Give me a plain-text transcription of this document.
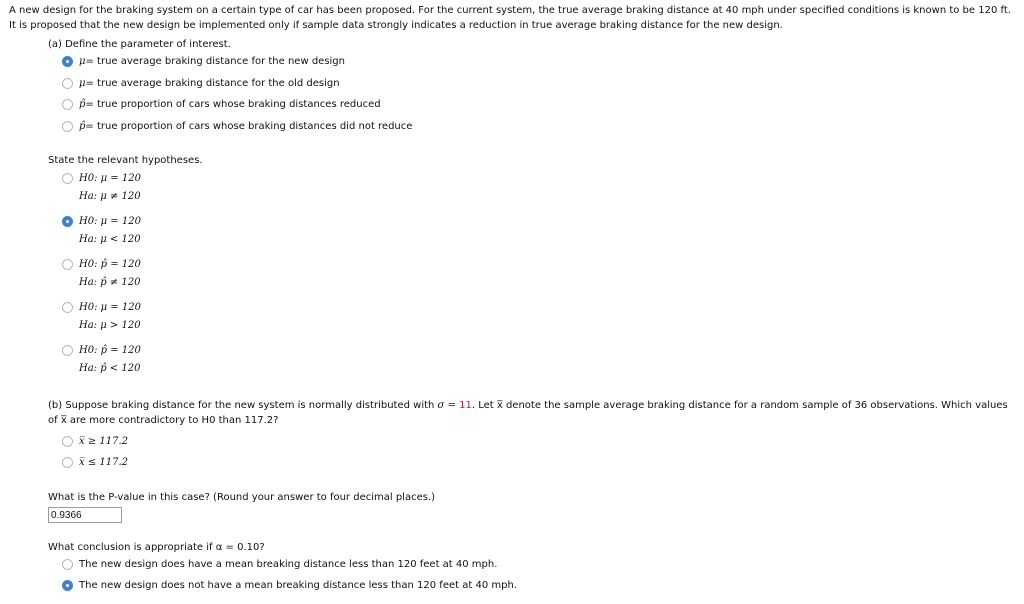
A new design for the braking system on a certain type of car has been proposed. For the current system, the true average braking distance at 40 mph under specified conditions is known to be 120 ft.
It is proposed that the new design be implemented only if sample data strongly indicates a reduction in true average braking distance for the new design.
(a) Define the parameter of interest.
μ = true average braking distance for the new design
μ = true average braking distance for the old design
p̂ = true proportion of cars whose braking distances reduced
p̂ = true proportion of cars whose braking distances did not reduce
State the relevant hypotheses.
H0: μ = 120
Ha: μ ≠ 120
H0: μ = 120
Ha: μ < 120
H0: p̂ = 120
Ha: p̂ ≠ 120
H0: μ = 120
Ha: μ > 120
H0: p̂ = 120
Ha: p̂ < 120
(b) Suppose braking distance for the new system is normally distributed with σ = 11. Let x̅ denote the sample average braking distance for a random sample of 36 observations. Which values
of x̅ are more contradictory to H0 than 117.2?
x̅ ≥ 117.2
x̅ ≤ 117.2
What is the P-value in this case? (Round your answer to four decimal places.)
0.9366
What conclusion is appropriate if α = 0.10?
The new design does have a mean breaking distance less than 120 feet at 40 mph.
The new design does not have a mean breaking distance less than 120 feet at 40 mph.
